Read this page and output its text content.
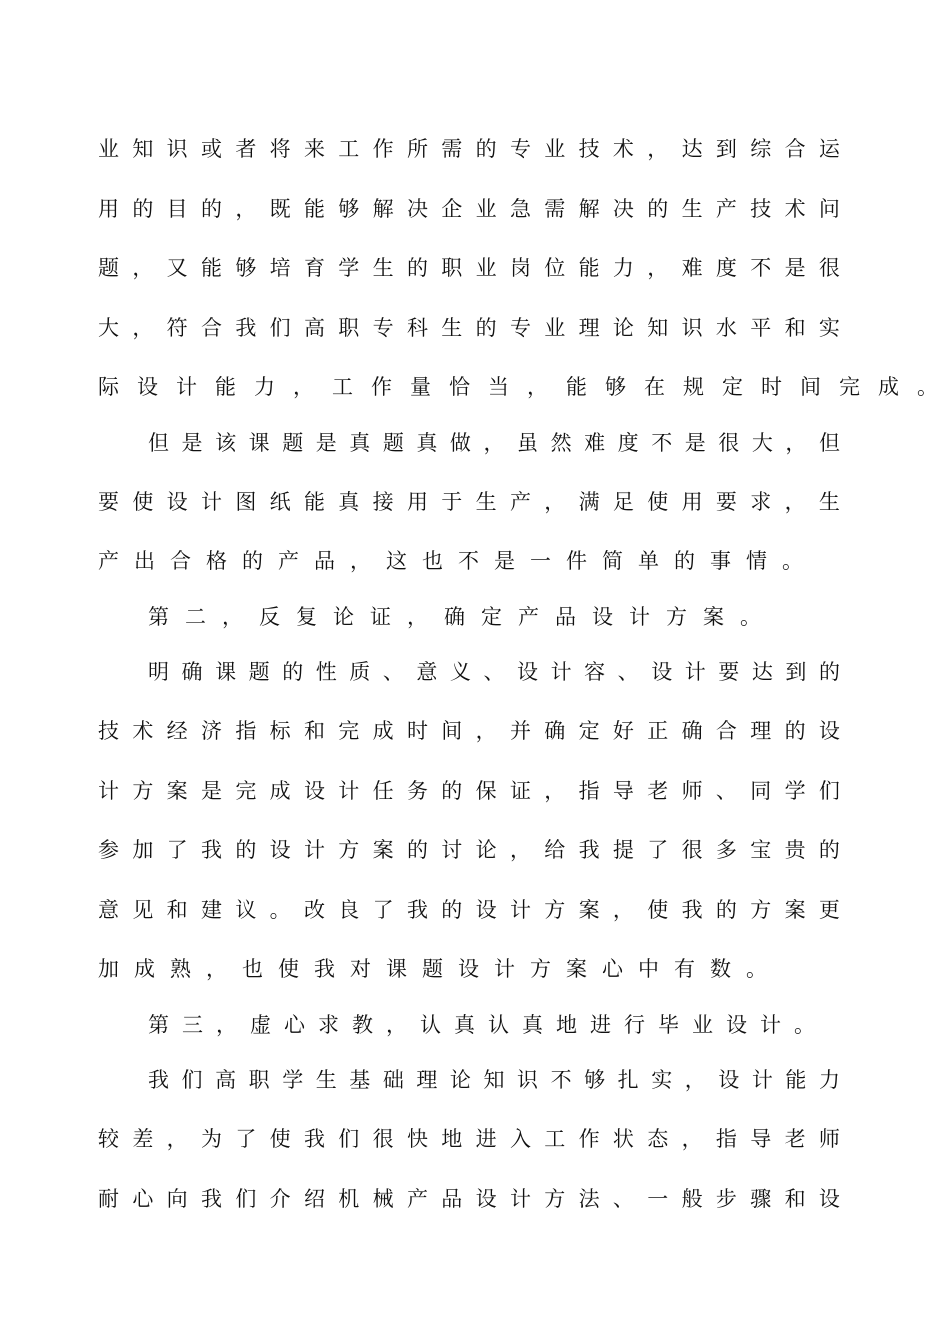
业 知 识 或 者 将 来 工 作 所 需 的 专 业 技 术 ， 达 到 综 合 运
用 的 目 的 ， 既 能 够 解 决 企 业 急 需 解 决 的 生 产 技 术 问
题 ， 又 能 够 培 育 学 生 的 职 业 岗 位 能 力 ， 难 度 不 是 很
大 ， 符 合 我 们 高 职 专 科 生 的 专 业 理 论 知 识 水 平 和 实
际 设 计 能 力 ， 工 作 量 恰 当 ， 能 够 在 规 定 时 间 完 成 。
但 是 该 课 题 是 真 题 真 做 ， 虽 然 难 度 不 是 很 大 ， 但
要 使 设 计 图 纸 能 真 接 用 于 生 产 ， 满 足 使 用 要 求 ， 生
产 出 合 格 的 产 品 ， 这 也 不 是 一 件 简 单 的 事 情 。
第 二 ， 反 复 论 证 ， 确 定 产 品 设 计 方 案 。
明 确 课 题 的 性 质 、 意 义 、 设 计 容 、 设 计 要 达 到 的
技 术 经 济 指 标 和 完 成 时 间 ， 并 确 定 好 正 确 合 理 的 设
计 方 案 是 完 成 设 计 任 务 的 保 证 ， 指 导 老 师 、 同 学 们
参 加 了 我 的 设 计 方 案 的 讨 论 ， 给 我 提 了 很 多 宝 贵 的
意 见 和 建 议 。 改 良 了 我 的 设 计 方 案 ， 使 我 的 方 案 更
加 成 熟 ， 也 使 我 对 课 题 设 计 方 案 心 中 有 数 。
第 三 ， 虚 心 求 教 ， 认 真 认 真 地 进 行 毕 业 设 计 。
我 们 高 职 学 生 基 础 理 论 知 识 不 够 扎 实 ， 设 计 能 力
较 差 ， 为 了 使 我 们 很 快 地 进 入 工 作 状 态 ， 指 导 老 师
耐 心 向 我 们 介 绍 机 械 产 品 设 计 方 法 、 一 般 步 骤 和 设
